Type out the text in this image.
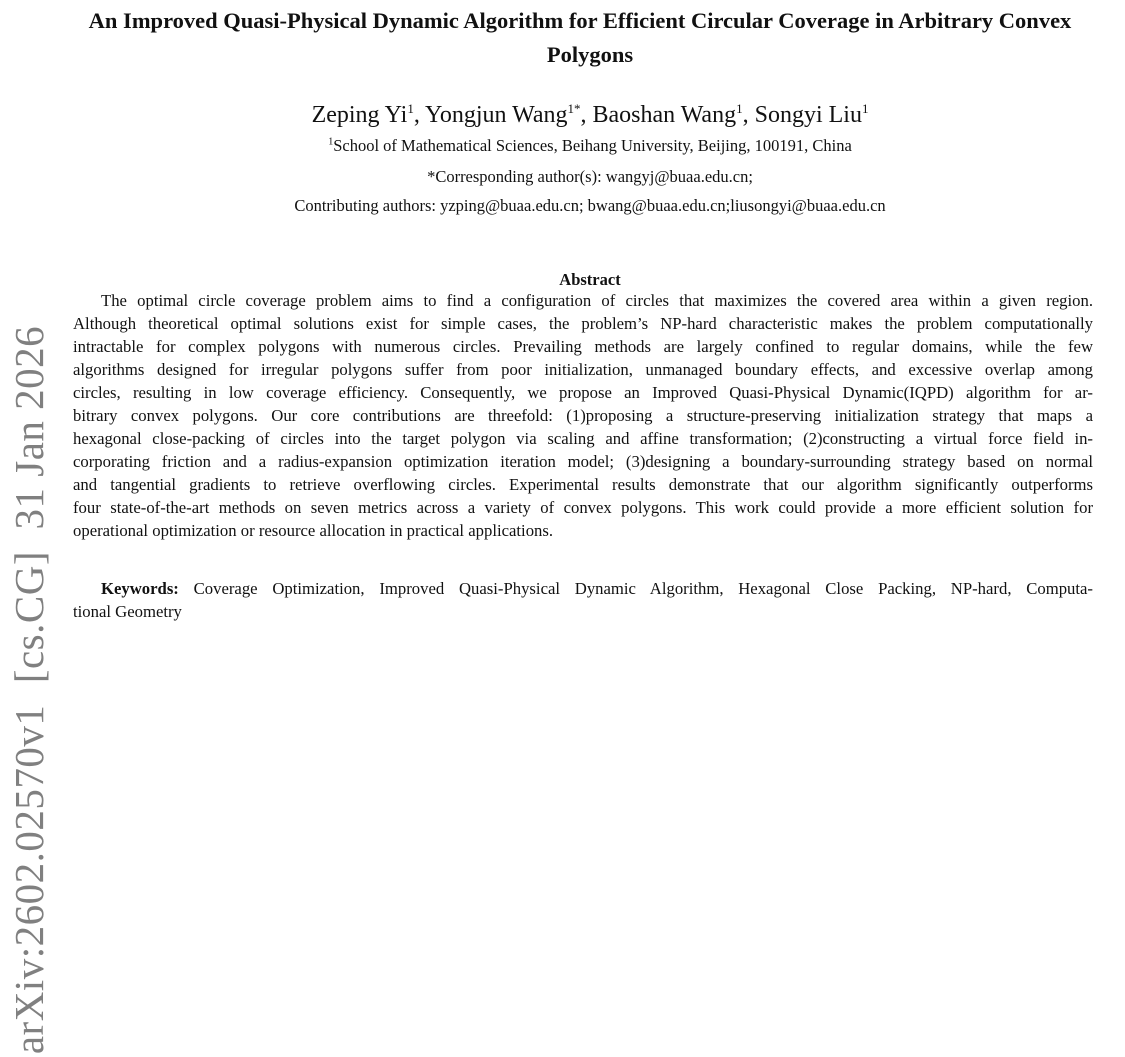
An Improved Quasi-Physical Dynamic Algorithm for Efficient Circular Coverage in Arbitrary Convex
Polygons
Zeping Yi$^1$, Yongjun Wang$^{1*}$, Baoshan Wang$^1$, Songyi Liu$^1$
$^1$School of Mathematical Sciences, Beihang University, Beijing, 100191, China
*Corresponding author(s): wangyj@buaa.edu.cn;
Contributing authors: yzping@buaa.edu.cn; bwang@buaa.edu.cn;liusongyi@buaa.edu.cn
Abstract
The optimal circle coverage problem aims to find a configuration of circles that maximizes the covered area within a given region.
Although theoretical optimal solutions exist for simple cases, the problem’s NP-hard characteristic makes the problem computationally
intractable for complex polygons with numerous circles. Prevailing methods are largely confined to regular domains, while the few
algorithms designed for irregular polygons suffer from poor initialization, unmanaged boundary effects, and excessive overlap among
circles, resulting in low coverage efficiency. Consequently, we propose an Improved Quasi-Physical Dynamic(IQPD) algorithm for ar-
bitrary convex polygons. Our core contributions are threefold: (1)proposing a structure-preserving initialization strategy that maps a
hexagonal close-packing of circles into the target polygon via scaling and affine transformation; (2)constructing a virtual force field in-
corporating friction and a radius-expansion optimization iteration model; (3)designing a boundary-surrounding strategy based on normal
and tangential gradients to retrieve overflowing circles. Experimental results demonstrate that our algorithm significantly outperforms
four state-of-the-art methods on seven metrics across a variety of convex polygons. This work could provide a more efficient solution for
operational optimization or resource allocation in practical applications.
Keywords: Coverage Optimization, Improved Quasi-Physical Dynamic Algorithm, Hexagonal Close Packing, NP-hard, Computa-
tional Geometry
arXiv:2602.02570v1  [cs.CG]  31 Jan 2026
